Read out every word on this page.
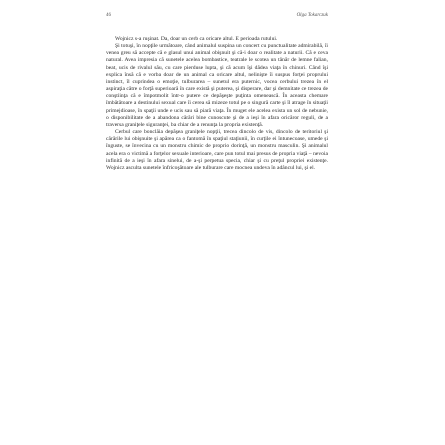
46	Olga Tokarczuk

Wojnicz s-a ruşinat. Da, doar un cerb ca oricare altul. E perioada rutului.

Şi totuşi, în nopţile următoare, când animalul suspina un concert cu punctualitate admirabilă, îi venea greu să accepte că e glasul unui animal obişnuit şi că-i doar o realitate a naturii. Că e ceva natural. Avea impresia că sunetele acelea bombastice, teatrale le scotea un tânăr de lemne falian, beat, ucis de rivalul său, cu care pierduse lupta, şi că acum îşi dădea viaţa în chinuri. Când îşi explica însă că e vorba doar de un animal ca oricare altul, nelinişte îi suspus forţei proprului instinct, îl cuprindea o emoţie, tulburarea – sunetul era puternic, vocea cerbului trezea în el aspiraţia către o forţă superioară în care există şi puterea, şi disperare, dar şi demnitate ce trezea de conştiinţa că e împotmolit într-o putere ce depăşeşte puţinta omenească. În aceasta chemare îmbătătoare a destinului sexual care îi cerea să mizeze totul pe o singură carte şi îl atrage în situaţii primejdioase, în spaţii unde e ucis sau să piară viaţa. În muget ele acelea exista un sol de nebunie, o disponibilitate de a abandona cărări bine cunoscute şi de a ieşi în afara oricăror reguli, de a traversa graniţele siguranţei, ba chiar de a renunţa la propria existenţă.

Cerbul care bonclăia depăşea graniţele nopţii, trecea dincolo de vis, dincolo de teritoriul şi cărările lui obişnuite şi apărea ca o fantomă în spaţiul staţiunii, în curţile ei întunecoase, umede şi înguste, se învecina cu un monstru chimic de proprio dorinţă, un monstru masculin. Şi animalul acela era o victimă a forţelor sexuale interioare, care pun totul mai presus de propria viaţă – nevoia infinită de a ieşi în afara sinelui, de a-şi perpetua specia, chiar şi cu preţul propriei existenţe. Wojnicz asculta sunetele înfricoşătoare ale tulburare care mocnea undeva în adâncul lui, şi el.
